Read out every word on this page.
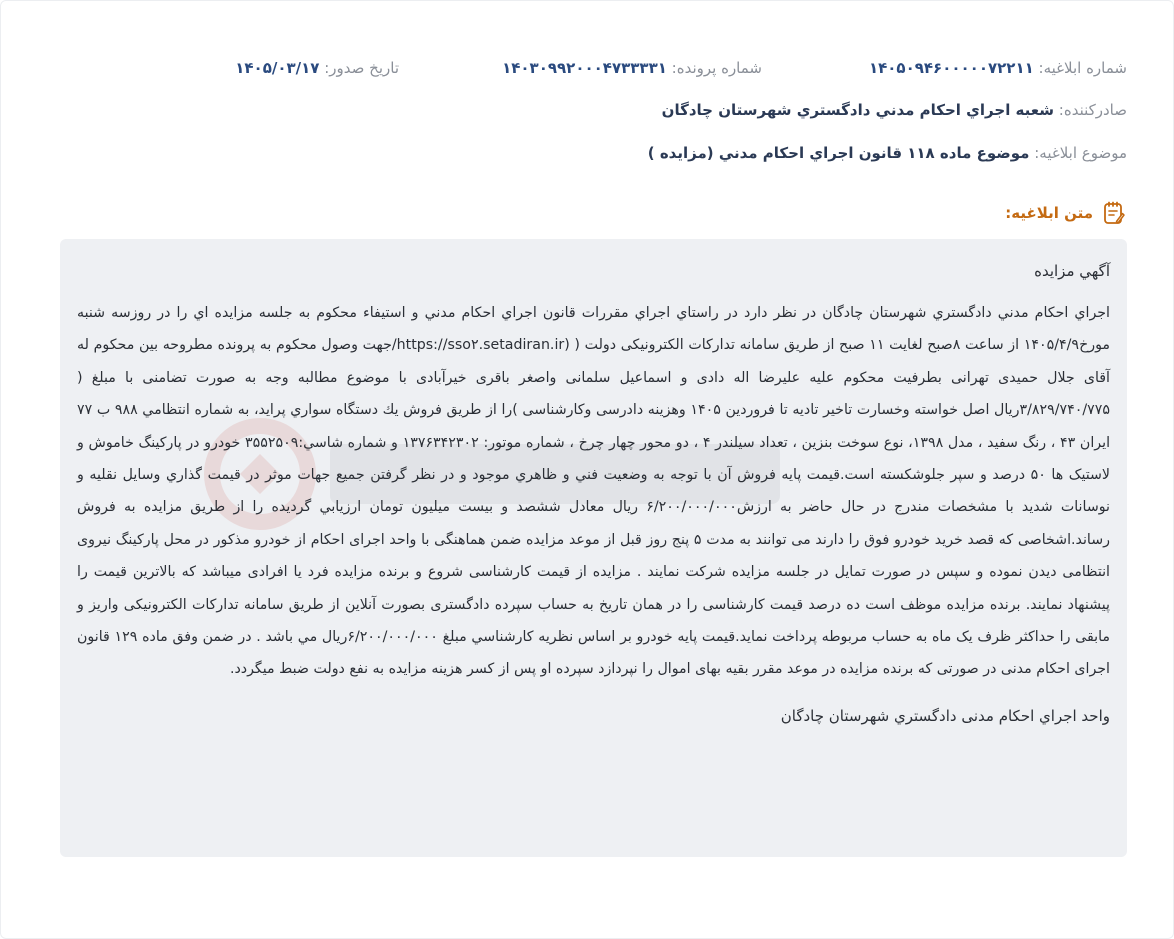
شماره ابلاغیه: ۱۴۰۵۰۹۴۶۰۰۰۰۰۷۲۲۱۱
شماره پرونده: ۱۴۰۳۰۹۹۲۰۰۰۴۷۳۳۳۳۱
تاریخ صدور: ۱۴۰۵/۰۳/۱۷
صادرکننده: شعبه اجراي احکام مدني دادگستري شهرستان چادگان
موضوع ابلاغیه: موضوع ماده ۱۱۸ قانون اجراي احکام مدني (مزايده )
متن ابلاغیه:
آگهي مزايده
اجراي احکام مدني دادگستري شهرستان چادگان در نظر دارد در راستاي اجراي مقررات قانون اجراي احکام مدني و استيفاء محکوم به جلسه مزايده اي را در روزسه شنبه مورخ۱۴۰۵/۴/۹ از ساعت ۸صبح لغایت ۱۱ صبح از طریق سامانه تدارکات الکترونیکی دولت ( (https://sso۲.setadiran.ir/جهت وصول محکوم به پرونده مطروحه بین محکوم له آقای جلال حمیدی تهرانی بطرفیت محکوم علیه علیرضا اله دادی و اسماعیل سلمانی واصغر باقری خیرآبادی با موضوع مطالبه وجه به صورت تضامنی با مبلغ ( ۳/۸۲۹/۷۴۰/۷۷۵ریال اصل خواسته وخسارت تاخیر تادیه تا فروردین ۱۴۰۵ وهزینه دادرسی وکارشناسی )را از طريق فروش يك دستگاه سواري پرايد، به شماره انتظامي ۹۸۸ ب ۷۷ ايران ۴۳ ، رنگ سفيد ، مدل ۱۳۹۸، نوع سوخت بنزين ، تعداد سيلندر ۴ ، دو محور چهار چرخ ، شماره موتور: ۱۳۷۶۳۴۲۳۰۲ و شماره شاسي:۳۵۵۲۵۰۹ خودرو در پارکینگ خاموش و لاستیک ها ۵۰ درصد و سپر جلوشکسته است.قیمت پایه فروش آن با توجه به وضعيت فني و ظاهري موجود و در نظر گرفتن جميع جهات موثر در قيمت گذاري وسايل نقليه و نوسانات شديد با مشخصات مندرج در حال حاضر به ارزش۶/۲۰۰/۰۰۰/۰۰۰ ريال معادل ششصد و بيست ميليون تومان ارزيابي گرديده را از طريق مزايده به فروش رساند.اشخاصی که قصد خرید خودرو فوق را دارند می توانند به مدت ۵ پنج روز قبل از موعد مزایده ضمن هماهنگی با واحد اجرای احکام از خودرو مذکور در محل پارکینگ نیروی انتظامی دیدن نموده و سپس در صورت تمایل در جلسه مزایده شرکت نمایند . مزایده از قیمت کارشناسی شروع و برنده مزایده فرد یا افرادی میباشد که بالاترین قیمت را پیشنهاد نمایند. برنده مزایده موظف است ده درصد قیمت کارشناسی را در همان تاریخ به حساب سپرده دادگستری بصورت آنلاین از طریق سامانه تدارکات الکترونیکی واریز و مابقی را حداکثر ظرف یک ماه به حساب مربوطه پرداخت نماید.قیمت پایه خودرو بر اساس نظریه کارشناسي مبلغ ۶/۲۰۰/۰۰۰/۰۰۰ریال مي باشد . در ضمن وفق ماده ۱۲۹ قانون اجرای احکام مدنی در صورتی که برنده مزایده در موعد مقرر بقیه بهای اموال را نپردازد سپرده او پس از کسر هزینه مزایده به نفع دولت ضبط میگردد.
واحد اجراي احکام مدنی دادگستري شهرستان چادگان
